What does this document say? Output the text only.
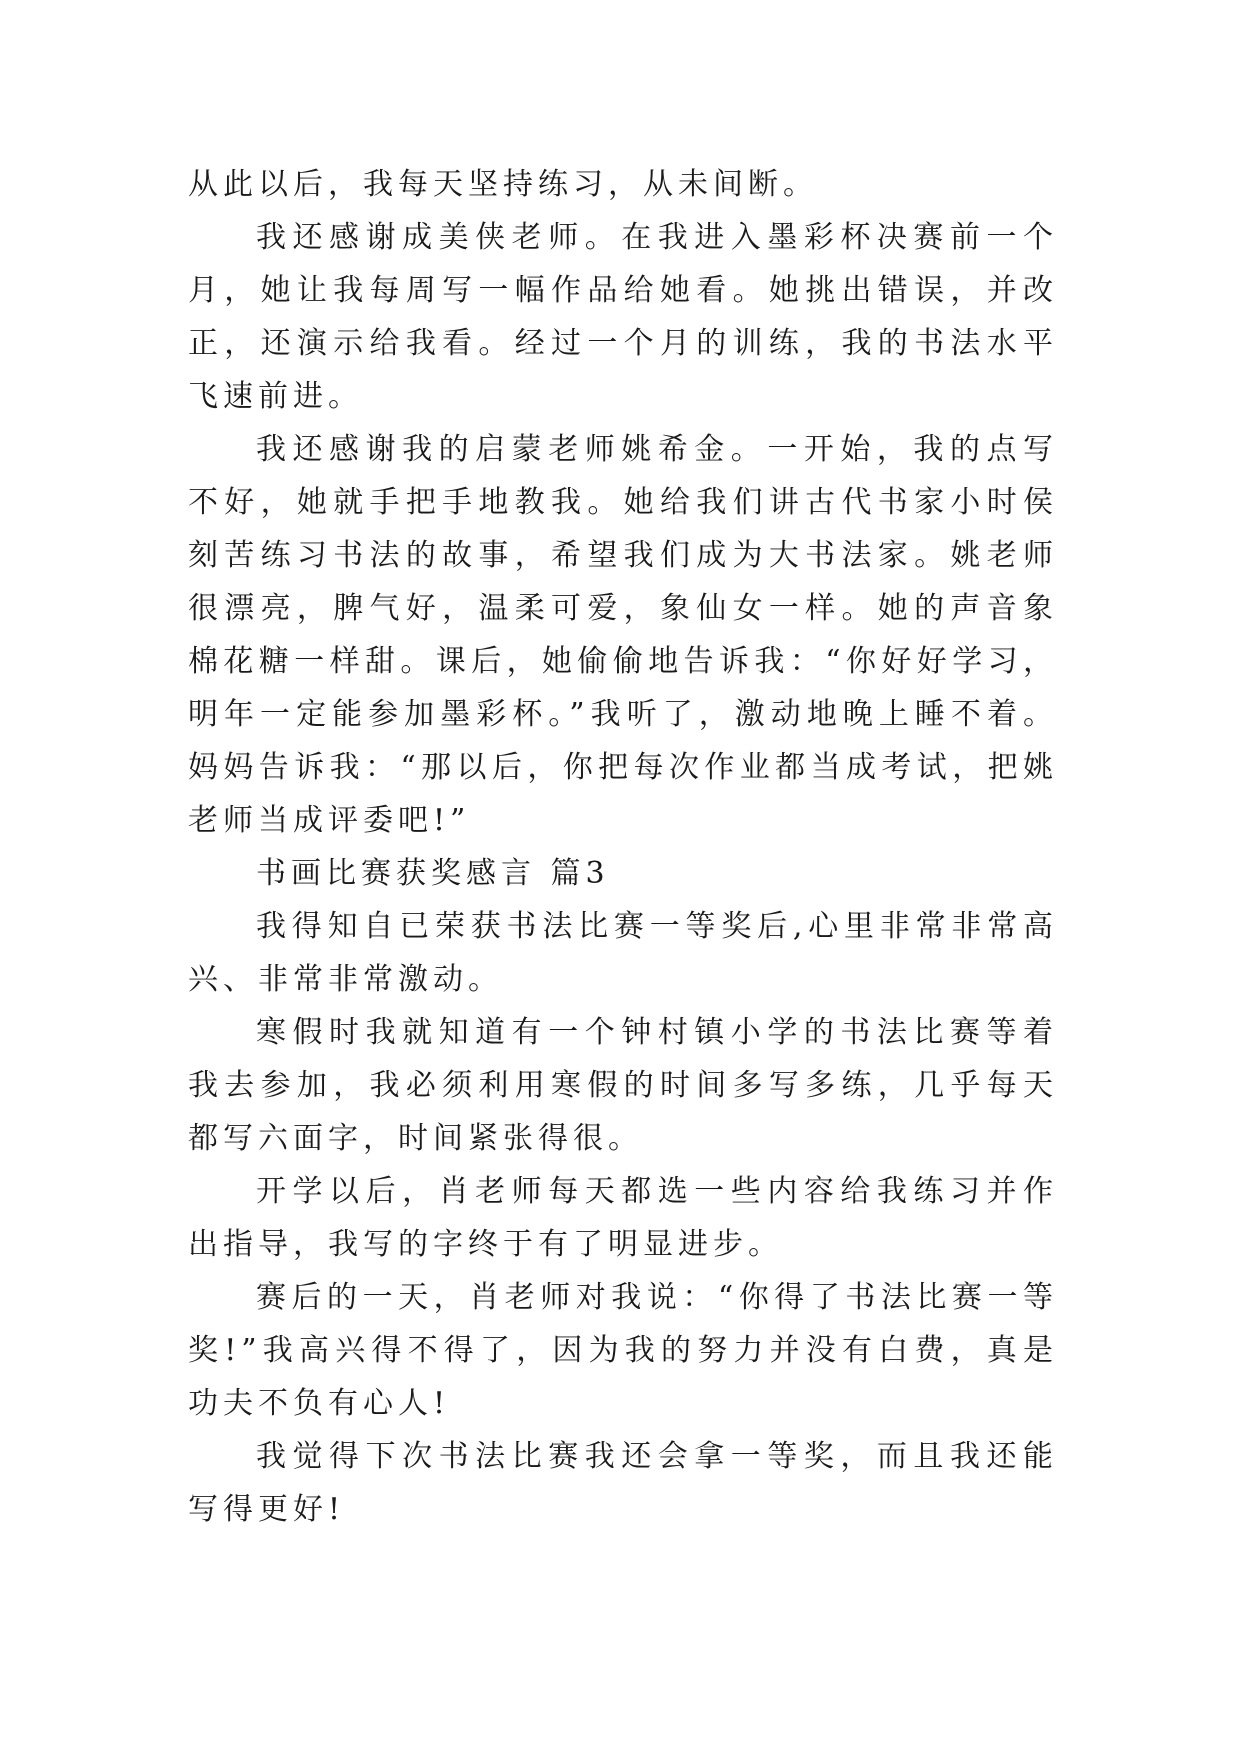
从此以后，我每天坚持练习，从未间断。

我还感谢成美侠老师。在我进入墨彩杯决赛前一个月，她让我每周写一幅作品给她看。她挑出错误，并改正，还演示给我看。经过一个月的训练，我的书法水平飞速前进。

我还感谢我的启蒙老师姚希金。一开始，我的点写不好，她就手把手地教我。她给我们讲古代书家小时侯刻苦练习书法的故事，希望我们成为大书法家。姚老师很漂亮，脾气好，温柔可爱，象仙女一样。她的声音象棉花糖一样甜。课后，她偷偷地告诉我：“你好好学习，明年一定能参加墨彩杯。”我听了，激动地晚上睡不着。妈妈告诉我：“那以后，你把每次作业都当成考试，把姚老师当成评委吧!”

书画比赛获奖感言 篇3

我得知自已荣获书法比赛一等奖后,心里非常非常高兴、非常非常激动。

寒假时我就知道有一个钟村镇小学的书法比赛等着我去参加，我必须利用寒假的时间多写多练，几乎每天都写六面字，时间紧张得很。

开学以后，肖老师每天都选一些内容给我练习并作出指导，我写的字终于有了明显进步。

赛后的一天，肖老师对我说：“你得了书法比赛一等奖!”我高兴得不得了，因为我的努力并没有白费，真是功夫不负有心人!

我觉得下次书法比赛我还会拿一等奖，而且我还能写得更好!
